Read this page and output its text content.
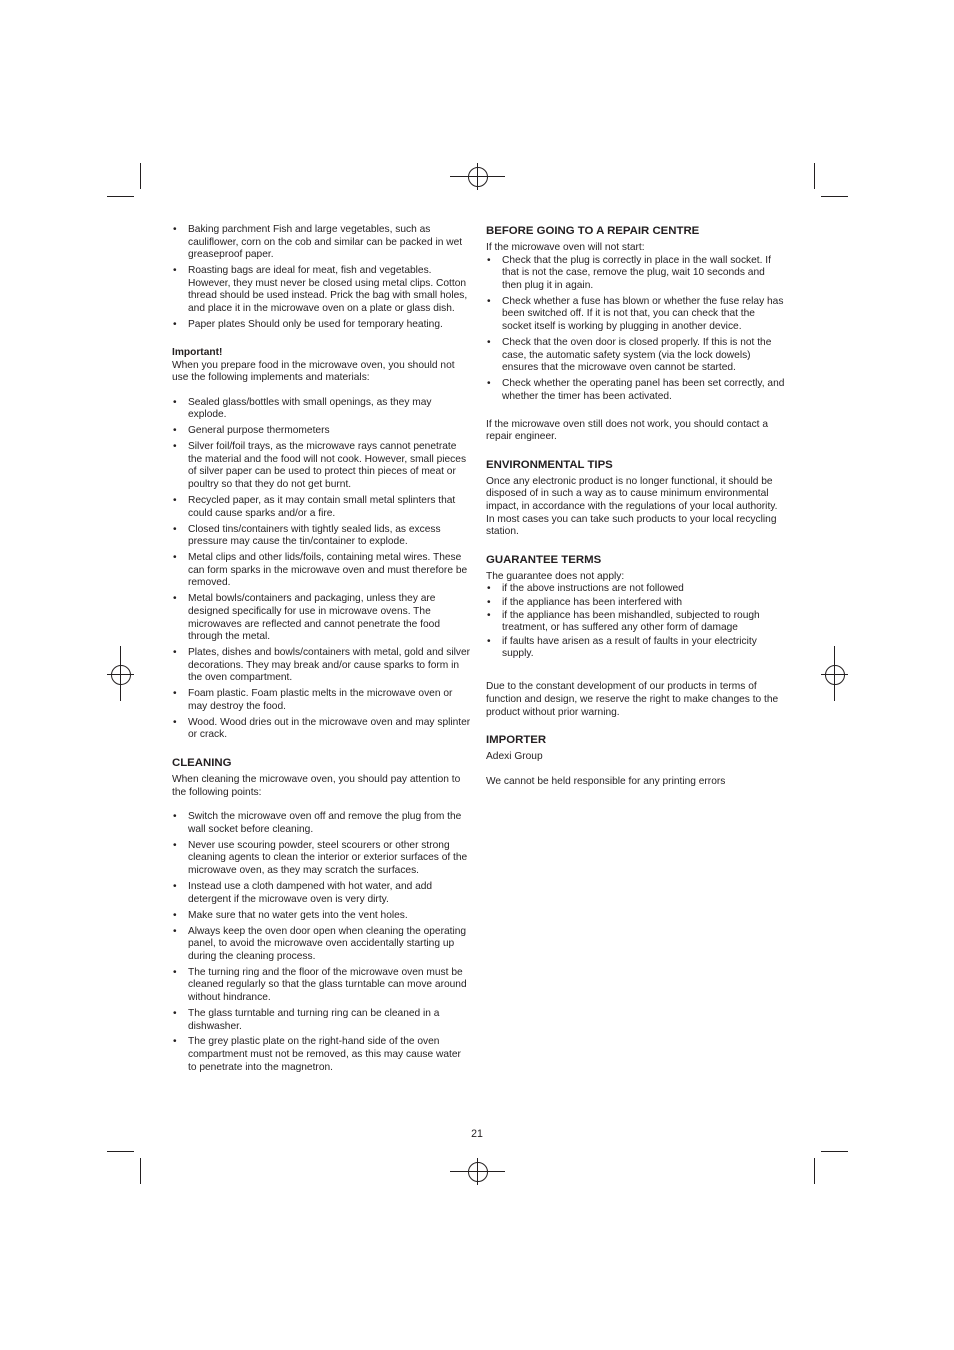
• Baking parchment Fish and large vegetables, such as cauliflower, corn on the cob and similar can be packed in wet greaseproof paper.
• Roasting bags are ideal for meat, fish and vegetables. However, they must never be closed using metal clips. Cotton thread should be used instead. Prick the bag with small holes, and place it in the microwave oven on a plate or glass dish.
• Paper plates Should only be used for temporary heating.

Important!

When you prepare food in the microwave oven, you should not use the following implements and materials:

• Sealed glass/bottles with small openings, as they may explode.
• General purpose thermometers
• Silver foil/foil trays, as the microwave rays cannot penetrate the material and the food will not cook. However, small pieces of silver paper can be used to protect thin pieces of meat or poultry so that they do not get burnt.
• Recycled paper, as it may contain small metal splinters that could cause sparks and/or a fire.
• Closed tins/containers with tightly sealed lids, as excess pressure may cause the tin/container to explode.
• Metal clips and other lids/foils, containing metal wires. These can form sparks in the microwave oven and must therefore be removed.
• Metal bowls/containers and packaging, unless they are designed specifically for use in microwave ovens. The microwaves are reflected and cannot penetrate the food through the metal.
• Plates, dishes and bowls/containers with metal, gold and silver decorations. They may break and/or cause sparks to form in the oven compartment.
• Foam plastic. Foam plastic melts in the microwave oven or may destroy the food.
• Wood. Wood dries out in the microwave oven and may splinter or crack.
CLEANING

When cleaning the microwave oven, you should pay attention to the following points:

• Switch the microwave oven off and remove the plug from the wall socket before cleaning.
• Never use scouring powder, steel scourers or other strong cleaning agents to clean the interior or exterior surfaces of the microwave oven, as they may scratch the surfaces.
• Instead use a cloth dampened with hot water, and add detergent if the microwave oven is very dirty.
• Make sure that no water gets into the vent holes.
• Always keep the oven door open when cleaning the operating panel, to avoid the microwave oven accidentally starting up during the cleaning process.
• The turning ring and the floor of the microwave oven must be cleaned regularly so that the glass turntable can move around without hindrance.
• The glass turntable and turning ring can be cleaned in a dishwasher.
• The grey plastic plate on the right-hand side of the oven compartment must not be removed, as this may cause water to penetrate into the magnetron.
BEFORE GOING TO A REPAIR CENTRE

If the microwave oven will not start:

• Check that the plug is correctly in place in the wall socket. If that is not the case, remove the plug, wait 10 seconds and then plug it in again.
• Check whether a fuse has blown or whether the fuse relay has been switched off. If it is not that, you can check that the socket itself is working by plugging in another device.
• Check that the oven door is closed properly. If this is not the case, the automatic safety system (via the lock dowels) ensures that the microwave oven cannot be started.
• Check whether the operating panel has been set correctly, and whether the timer has been activated.

If the microwave oven still does not work, you should contact a repair engineer.

ENVIRONMENTAL TIPS

Once any electronic product is no longer functional, it should be disposed of in such a way as to cause minimum environmental impact, in accordance with the regulations of your local authority. In most cases you can take such products to your local recycling station.

GUARANTEE TERMS

The guarantee does not apply:

• if the above instructions are not followed
• if the appliance has been interfered with
• if the appliance has been mishandled, subjected to rough treatment, or has suffered any other form of damage
• if faults have arisen as a result of faults in your electricity supply.

Due to the constant development of our products in terms of function and design, we reserve the right to make changes to the product without prior warning.

IMPORTER

Adexi Group

We cannot be held responsible for any printing errors

21
